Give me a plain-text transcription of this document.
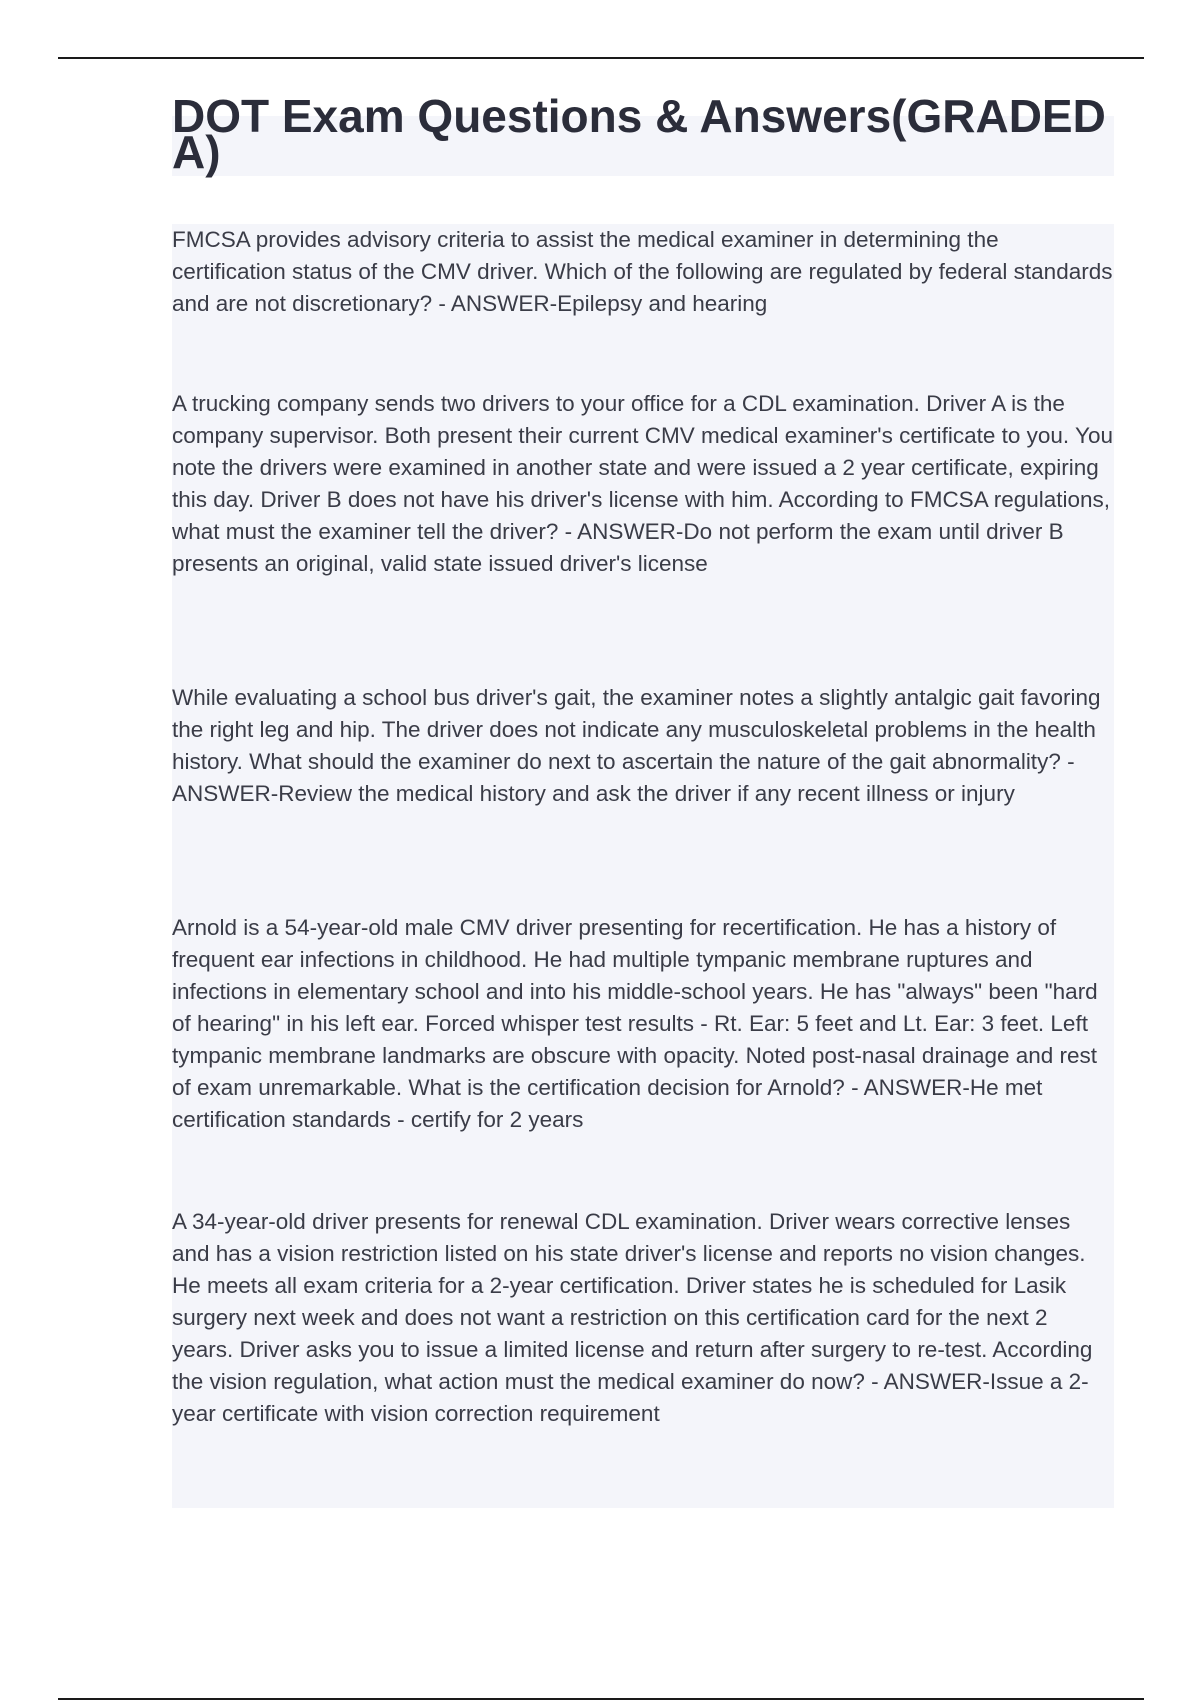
DOT Exam Questions & Answers(GRADED A)

FMCSA provides advisory criteria to assist the medical examiner in determining the certification status of the CMV driver. Which of the following are regulated by federal standards and are not discretionary? - ANSWER-Epilepsy and hearing

A trucking company sends two drivers to your office for a CDL examination. Driver A is the company supervisor. Both present their current CMV medical examiner's certificate to you. You note the drivers were examined in another state and were issued a 2 year certificate, expiring this day. Driver B does not have his driver's license with him. According to FMCSA regulations, what must the examiner tell the driver? - ANSWER-Do not perform the exam until driver B presents an original, valid state issued driver's license

While evaluating a school bus driver's gait, the examiner notes a slightly antalgic gait favoring the right leg and hip. The driver does not indicate any musculoskeletal problems in the health history. What should the examiner do next to ascertain the nature of the gait abnormality? - ANSWER-Review the medical history and ask the driver if any recent illness or injury

Arnold is a 54-year-old male CMV driver presenting for recertification. He has a history of frequent ear infections in childhood. He had multiple tympanic membrane ruptures and infections in elementary school and into his middle-school years. He has "always" been "hard of hearing" in his left ear. Forced whisper test results - Rt. Ear: 5 feet and Lt. Ear: 3 feet. Left tympanic membrane landmarks are obscure with opacity. Noted post-nasal drainage and rest of exam unremarkable. What is the certification decision for Arnold? - ANSWER-He met certification standards - certify for 2 years

A 34-year-old driver presents for renewal CDL examination. Driver wears corrective lenses and has a vision restriction listed on his state driver's license and reports no vision changes. He meets all exam criteria for a 2-year certification. Driver states he is scheduled for Lasik surgery next week and does not want a restriction on this certification card for the next 2 years. Driver asks you to issue a limited license and return after surgery to re-test. According the vision regulation, what action must the medical examiner do now? - ANSWER-Issue a 2-year certificate with vision correction requirement
